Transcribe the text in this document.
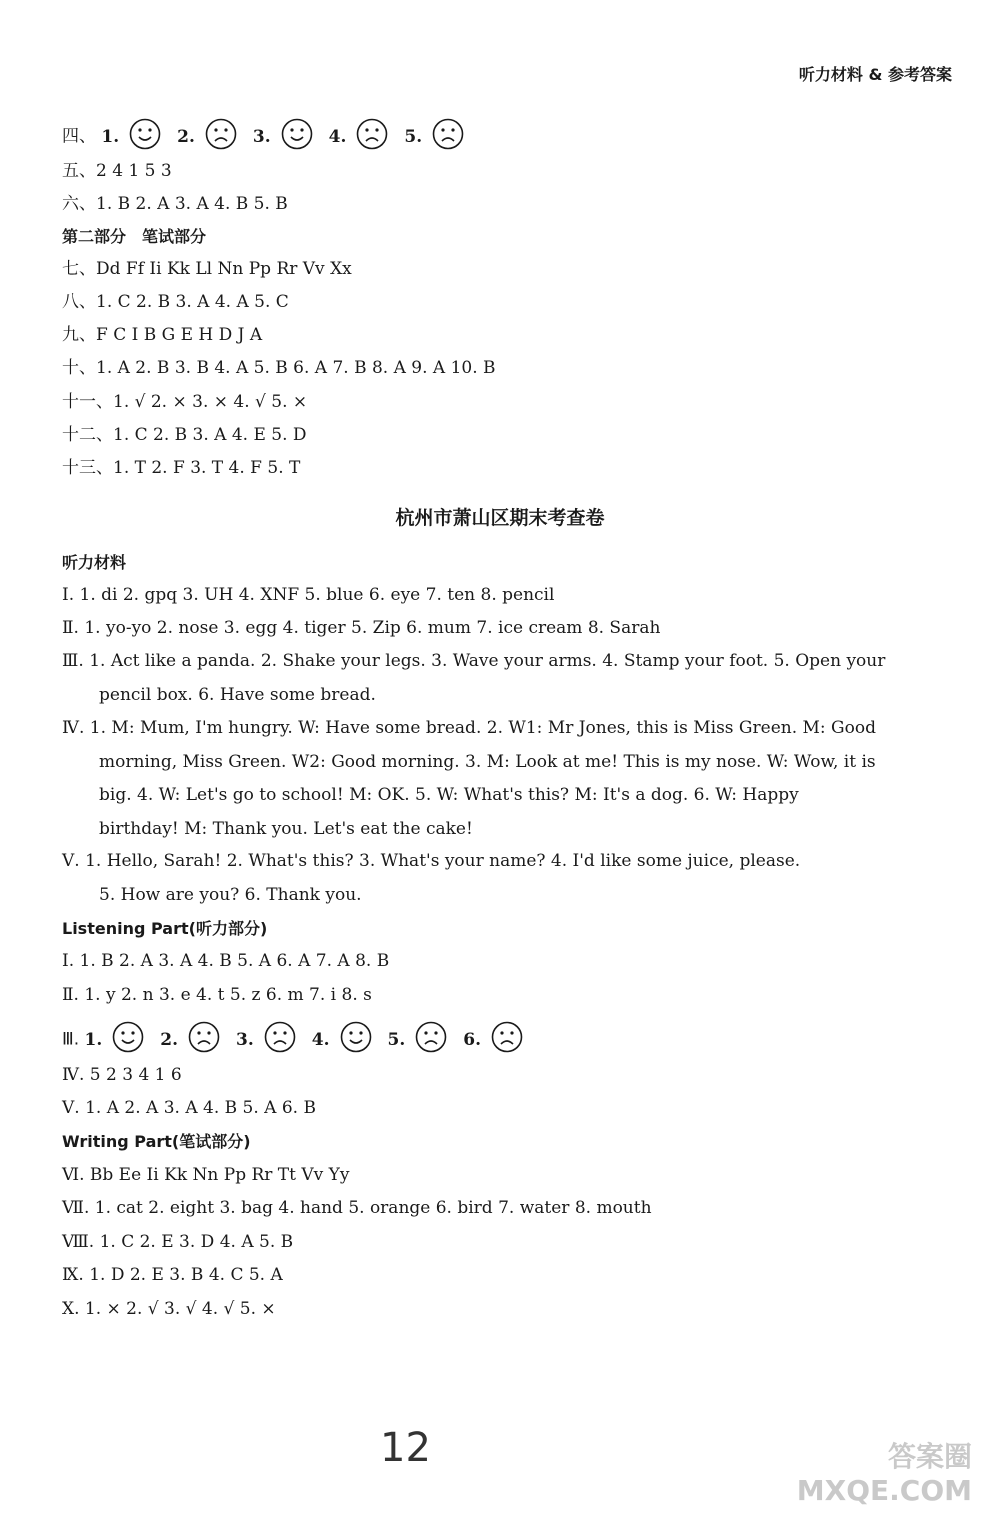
听力材料 & 参考答案
四、 1.	2.	3.	4.	5.
五、2 4 1 5 3
六、1. B 2. A 3. A 4. B 5. B
第二部分　笔试部分
七、Dd Ff Ii Kk Ll Nn Pp Rr Vv Xx
八、1. C 2. B 3. A 4. A 5. C
九、F C I B G E H D J A
十、1. A 2. B 3. B 4. A 5. B 6. A 7. B 8. A 9. A 10. B
十一、1. √ 2. × 3. × 4. √ 5. ×
十二、1. C 2. B 3. A 4. E 5. D
十三、1. T 2. F 3. T 4. F 5. T
杭州市萧山区期末考查卷
听力材料
Ⅰ. 1. di 2. gpq 3. UH 4. XNF 5. blue 6. eye 7. ten 8. pencil
Ⅱ. 1. yo-yo 2. nose 3. egg 4. tiger 5. Zip 6. mum 7. ice cream 8. Sarah
Ⅲ. 1. Act like a panda. 2. Shake your legs. 3. Wave your arms. 4. Stamp your foot. 5. Open your
pencil box. 6. Have some bread.
Ⅳ. 1. M: Mum, I'm hungry. W: Have some bread. 2. W1: Mr Jones, this is Miss Green. M: Good
morning, Miss Green. W2: Good morning. 3. M: Look at me! This is my nose. W: Wow, it is
big. 4. W: Let's go to school! M: OK. 5. W: What's this? M: It's a dog. 6. W: Happy
birthday! M: Thank you. Let's eat the cake!
Ⅴ. 1. Hello, Sarah! 2. What's this? 3. What's your name? 4. I'd like some juice, please.
5. How are you? 6. Thank you.
Listening Part(听力部分)
Ⅰ. 1. B 2. A 3. A 4. B 5. A 6. A 7. A 8. B
Ⅱ. 1. y 2. n 3. e 4. t 5. z 6. m 7. i 8. s
Ⅲ. 1.	2.	3.	4.	5.	6.
Ⅳ. 5 2 3 4 1 6
Ⅴ. 1. A 2. A 3. A 4. B 5. A 6. B
Writing Part(笔试部分)
Ⅵ. Bb Ee Ii Kk Nn Pp Rr Tt Vv Yy
Ⅶ. 1. cat 2. eight 3. bag 4. hand 5. orange 6. bird 7. water 8. mouth
Ⅷ. 1. C 2. E 3. D 4. A 5. B
Ⅸ. 1. D 2. E 3. B 4. C 5. A
Ⅹ. 1. × 2. √ 3. √ 4. √ 5. ×
12	答案圈
MXQE.COM
